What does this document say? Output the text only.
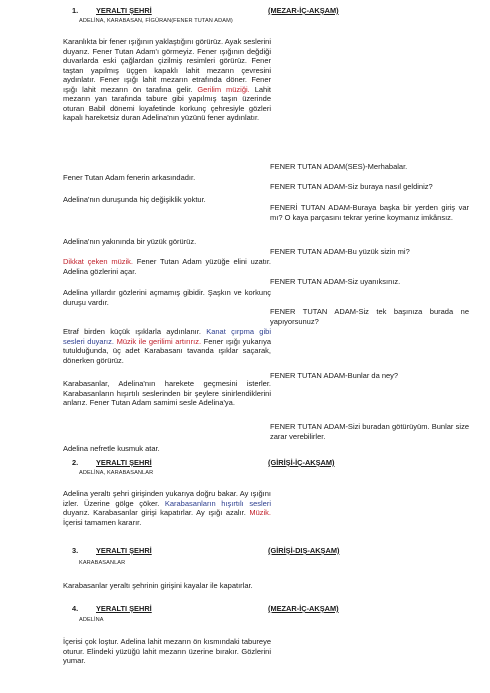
1. YERALTI ŞEHRİ	(MEZAR-İÇ-AKŞAM)
ADELİNA, KARABASAN, FİGÜRAN(FENER TUTAN ADAM)
Karanlıkta bir fener ışığının yaklaştığını görürüz. Ayak seslerini duyarız. Fener Tutan Adam'ı görmeyiz. Fener ışığının değdiği duvarlarda eski çağlardan çizilmiş resimleri görürüz. Fener taştan yapılmış üçgen kapaklı lahit mezarın çevresini aydınlatır. Fener ışığı lahit mezarın etrafında döner. Fener ışığı lahit mezarın ön tarafına gelir. Gerilim müziği. Lahit mezarın yan tarafında tabure gibi yapılmış taşın üzerinde oturan Babil dönemi kıyafetinde korkunç çehresiyle gözleri kapalı hareketsiz duran Adelina'nın yüzünü fener aydınlatır.
FENER TUTAN ADAM(SES)-Merhabalar.
Fener Tutan Adam fenerin arkasındadır.
FENER TUTAN ADAM-Siz buraya nasıl geldiniz?
Adelina'nın duruşunda hiç değişiklik yoktur.
FENERİ TUTAN ADAM-Buraya başka bir yerden giriş var mı? O kaya parçasını tekrar yerine koymanız imkânsız.
Adelina'nın yakınında bir yüzük görürüz.
FENER TUTAN ADAM-Bu yüzük sizin mi?
Dikkat çeken müzik. Fener Tutan Adam yüzüğe elini uzatır. Adelina gözlerini açar.
FENER TUTAN ADAM-Siz uyanıksınız.
Adelina yıllardır gözlerini açmamış gibidir. Şaşkın ve korkunç duruşu vardır.
FENER TUTAN ADAM-Siz tek başınıza burada ne yapıyorsunuz?
Etraf birden küçük ışıklarla aydınlanır. Kanat çırpma gibi sesleri duyarız. Müzik ile gerilimi artırırız. Fener ışığı yukarıya tutulduğunda, üç adet Karabasanı tavanda ışıklar saçarak, dönerken görürüz.
FENER TUTAN ADAM-Bunlar da ney?
Karabasanlar, Adelina'nın harekete geçmesini isterler. Karabasanların hışırtılı seslerinden bir şeylere sinirlendiklerini anlarız. Fener Tutan Adam samimi sesle Adelina'ya.
FENER TUTAN ADAM-Sizi buradan götürüyüm. Bunlar size zarar verebilirler.
Adelina nefretle kusmuk atar.
2. YERALTI ŞEHRİ	(GİRİŞİ-İÇ-AKŞAM)
ADELİNA, KARABASANLAR
Adelina yeraltı şehri girişinden yukarıya doğru bakar. Ay ışığını izler. Üzerine gölge çöker. Karabasanların hışırtılı sesleri duyarız. Karabasanlar girişi kapatırlar. Ay ışığı azalır. Müzik. İçerisi tamamen kararır.
3. YERALTI ŞEHRİ	(GİRİŞİ-DIŞ-AKŞAM)
KARABASANLAR
Karabasanlar yeraltı şehrinin girişini kayalar ile kapatırlar.
4. YERALTI ŞEHRİ	(MEZAR-İÇ-AKŞAM)
ADELİNA
İçerisi çok loştur. Adelina lahit mezarın ön kısmındaki tabureye oturur. Elindeki yüzüğü lahit mezarın üzerine bırakır. Gözlerini yumar.
